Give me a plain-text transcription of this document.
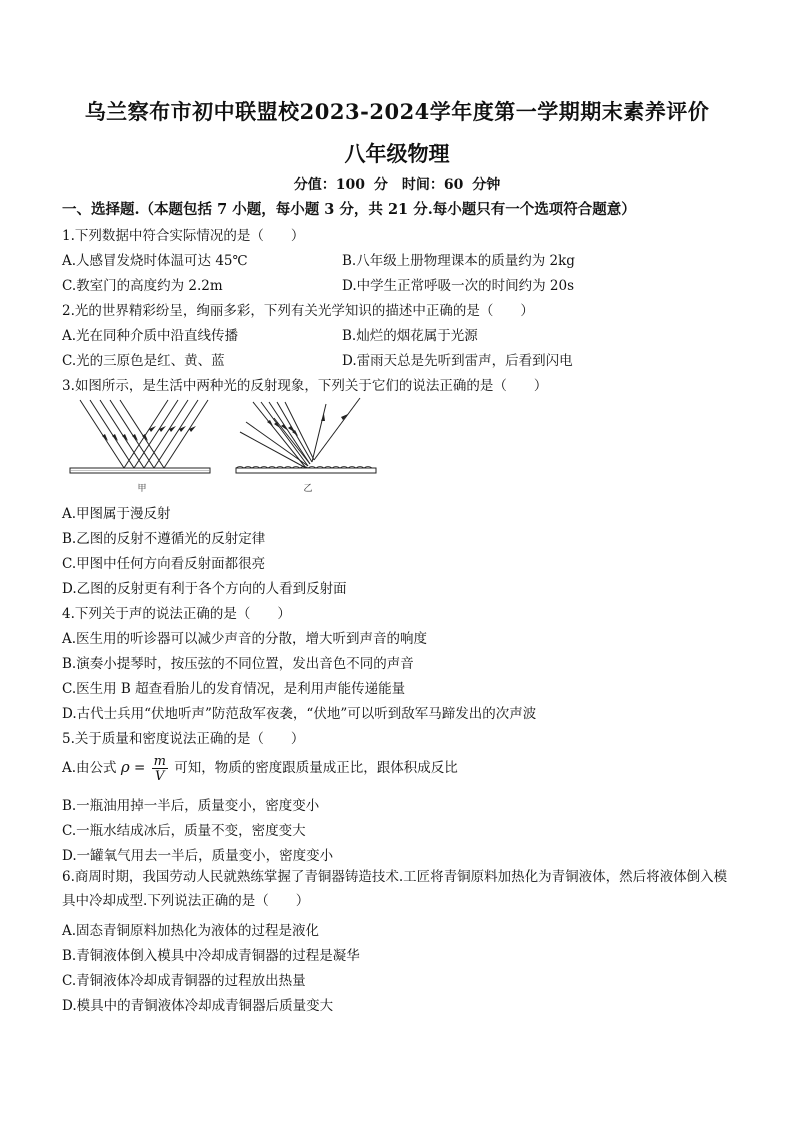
乌兰察布市初中联盟校2023-2024学年度第一学期期末素养评价
八年级物理
分值：100 分　时间：60 分钟
一、选择题.（本题包括 7 小题，每小题 3 分，共 21 分.每小题只有一个选项符合题意）
1.下列数据中符合实际情况的是（　　）
A.人感冒发烧时体温可达 45℃	B.八年级上册物理课本的质量约为 2kg
C.教室门的高度约为 2.2m	D.中学生正常呼吸一次的时间约为 20s
2.光的世界精彩纷呈，绚丽多彩，下列有关光学知识的描述中正确的是（　　）
A.光在同种介质中沿直线传播	B.灿烂的烟花属于光源
C.光的三原色是红、黄、蓝	D.雷雨天总是先听到雷声，后看到闪电
3.如图所示，是生活中两种光的反射现象，下列关于它们的说法正确的是（　　）
甲	乙
A.甲图属于漫反射
B.乙图的反射不遵循光的反射定律
C.甲图中任何方向看反射面都很亮
D.乙图的反射更有利于各个方向的人看到反射面
4.下列关于声的说法正确的是（　　）
A.医生用的听诊器可以减少声音的分散，增大听到声音的响度
B.演奏小提琴时，按压弦的不同位置，发出音色不同的声音
C.医生用 B 超查看胎儿的发育情况，是利用声能传递能量
D.古代士兵用“伏地听声”防范敌军夜袭，“伏地”可以听到敌军马蹄发出的次声波
5.关于质量和密度说法正确的是（　　）
A.由公式 $\rho = \frac{m}{V}$ 可知，物质的密度跟质量成正比，跟体积成反比
B.一瓶油用掉一半后，质量变小，密度变小
C.一瓶水结成冰后，质量不变，密度变大
D.一罐氧气用去一半后，质量变小，密度变小
6.商周时期，我国劳动人民就熟练掌握了青铜器铸造技术.工匠将青铜原料加热化为青铜液体，然后将液体倒入模具中冷却成型.下列说法正确的是（　　）
A.固态青铜原料加热化为液体的过程是液化
B.青铜液体倒入模具中冷却成青铜器的过程是凝华
C.青铜液体冷却成青铜器的过程放出热量
D.模具中的青铜液体冷却成青铜器后质量变大
